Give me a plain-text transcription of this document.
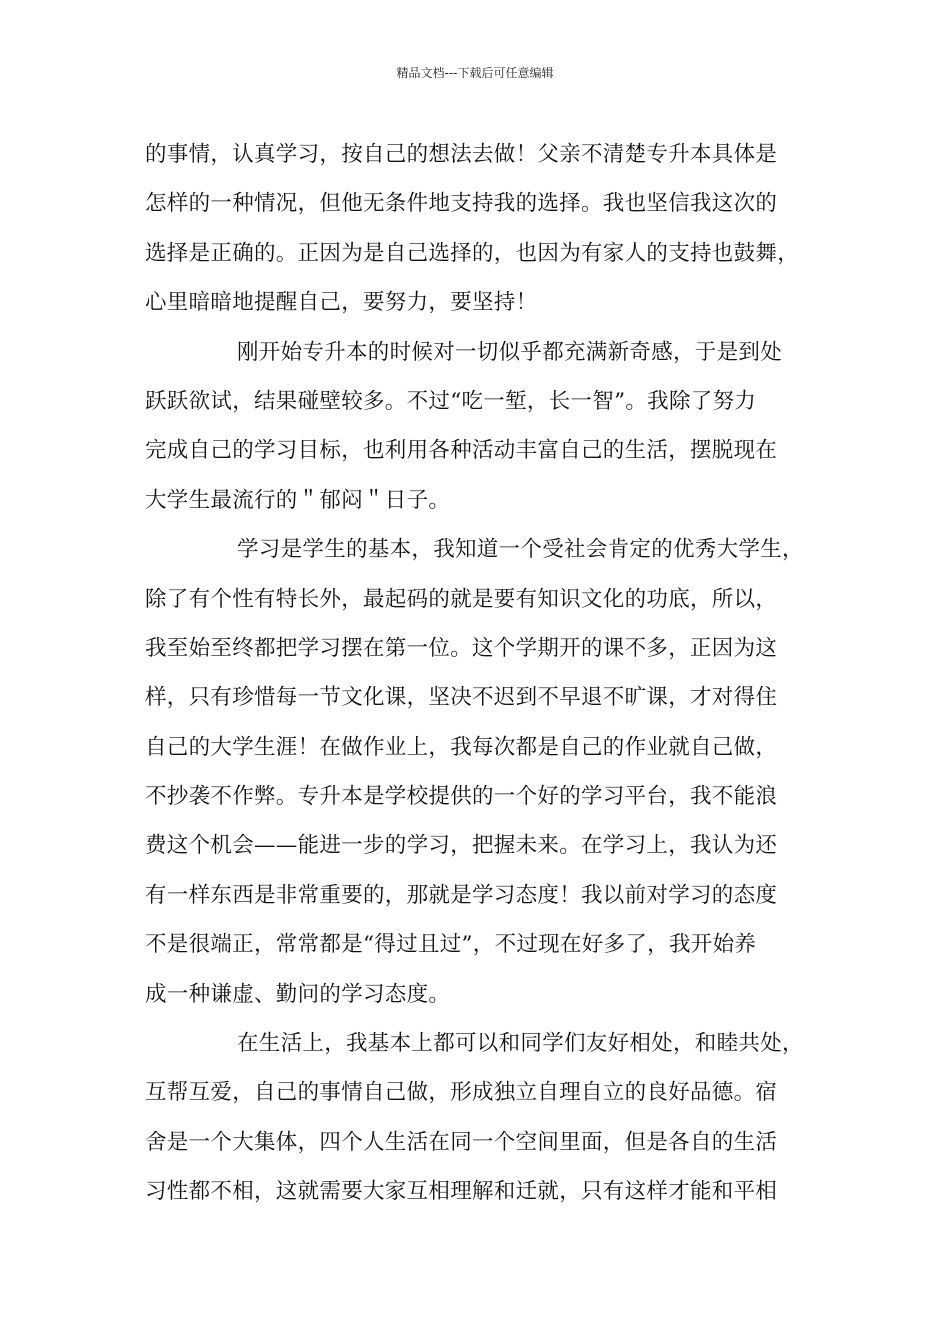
精品文档---下载后可任意编辑
的事情，认真学习，按自己的想法去做！父亲不清楚专升本具体是
怎样的一种情况，但他无条件地支持我的选择。我也坚信我这次的
选择是正确的。正因为是自己选择的，也因为有家人的支持也鼓舞，
心里暗暗地提醒自己，要努力，要坚持！
刚开始专升本的时候对一切似乎都充满新奇感，于是到处
跃跃欲试，结果碰壁较多。不过“吃一堑，长一智”。我除了努力
完成自己的学习目标，也利用各种活动丰富自己的生活，摆脱现在
大学生最流行的＂郁闷＂日子。
学习是学生的基本，我知道一个受社会肯定的优秀大学生，
除了有个性有特长外，最起码的就是要有知识文化的功底，所以，
我至始至终都把学习摆在第一位。这个学期开的课不多，正因为这
样，只有珍惜每一节文化课，坚决不迟到不早退不旷课，才对得住
自己的大学生涯！在做作业上，我每次都是自己的作业就自己做，
不抄袭不作弊。专升本是学校提供的一个好的学习平台，我不能浪
费这个机会——能进一步的学习，把握未来。在学习上，我认为还
有一样东西是非常重要的，那就是学习态度！我以前对学习的态度
不是很端正，常常都是“得过且过”，不过现在好多了，我开始养
成一种谦虚、勤问的学习态度。
在生活上，我基本上都可以和同学们友好相处，和睦共处，
互帮互爱，自己的事情自己做，形成独立自理自立的良好品德。宿
舍是一个大集体，四个人生活在同一个空间里面，但是各自的生活
习性都不相，这就需要大家互相理解和迁就，只有这样才能和平相
